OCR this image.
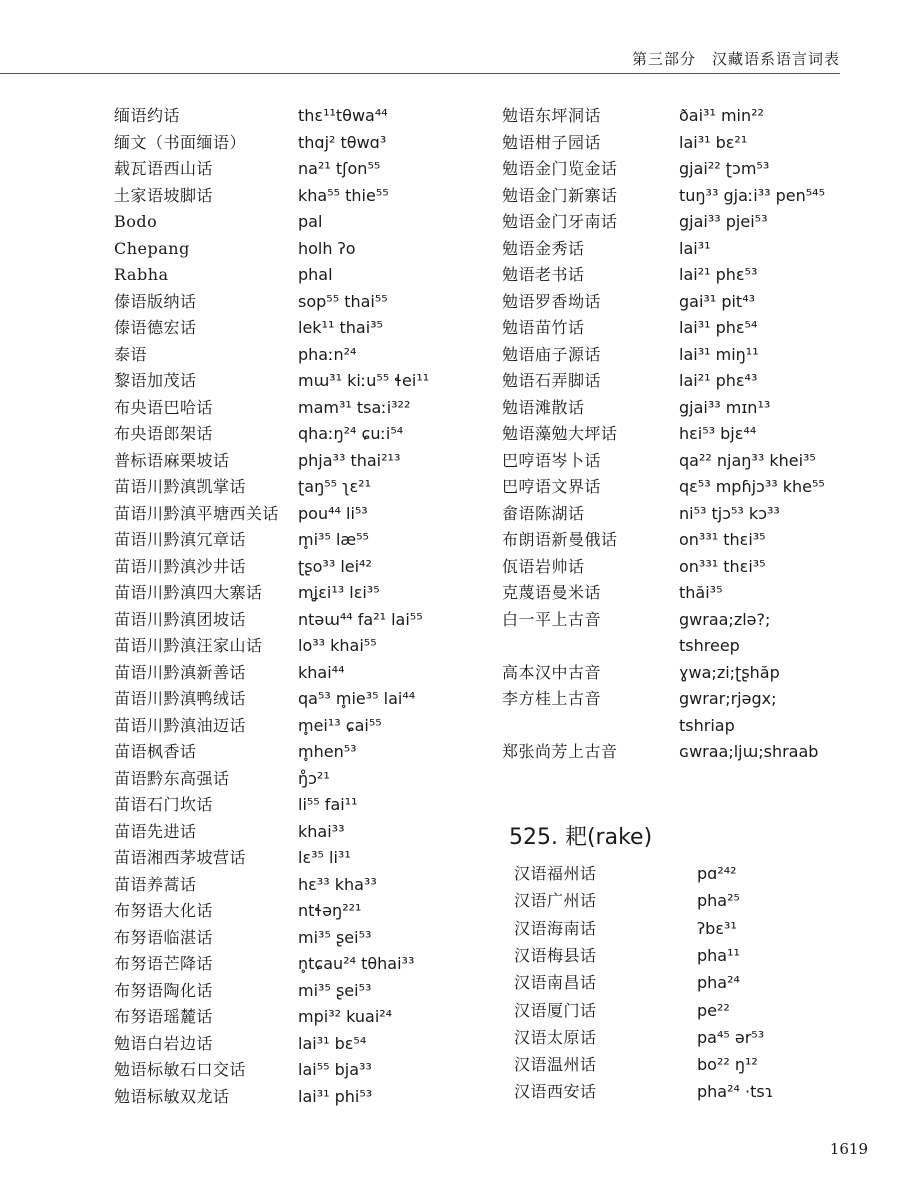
第三部分　汉藏语系语言词表
缅语约话	thɛ¹¹tθwa⁴⁴
缅文（书面缅语）	thɑj² tθwɑ³
载瓦语西山话	na²¹ tʃon⁵⁵
土家语坡脚话	kha⁵⁵ thie⁵⁵
Bodo	pal
Chepang	holh ʔo
Rabha	phal
傣语版纳话	sop⁵⁵ thai⁵⁵
傣语德宏话	lek¹¹ thai³⁵
泰语	phaːn²⁴
黎语加茂话	mɯ³¹ kiːu⁵⁵ ɬei¹¹
布央语巴哈话	mam³¹ tsaːi³²²
布央语郎架话	qhaːŋ²⁴ ɕuːi⁵⁴
普标语麻栗坡话	phja³³ thai²¹³
苗语川黔滇凯掌话	ʈaŋ⁵⁵ ʅɛ²¹
苗语川黔滇平塘西关话 pou⁴⁴ li⁵³
苗语川黔滇冗章话	m̥i³⁵ læ⁵⁵
苗语川黔滇沙井话	ʈʂo³³ lei⁴²
苗语川黔滇四大寨话 mʝɛi¹³ lɛi³⁵
苗语川黔滇团坡话	ntəɯ⁴⁴ fa²¹ lai⁵⁵
苗语川黔滇汪家山话 lo³³ khai⁵⁵
苗语川黔滇新善话	khai⁴⁴
苗语川黔滇鸭绒话	qa⁵³ m̥ie³⁵ lai⁴⁴
苗语川黔滇油迈话	m̥ei¹³ ɕai⁵⁵
苗语枫香话	m̥hen⁵³
苗语黔东高强话	ŋ̊ɔ²¹
苗语石门坎话	li⁵⁵ fai¹¹
苗语先进话	khai³³
苗语湘西茅坡营话	lɛ³⁵ li³¹
苗语养蒿话	hɛ³³ kha³³
布努语大化话	ntɬəŋ²²¹
布努语临湛话	mi³⁵ ʂei⁵³
布努语芒降话	n̥tɕau²⁴ tθhai³³
布努语陶化话	mi³⁵ ʂei⁵³
布努语瑶麓话	mpi³² kuai²⁴
勉语白岩边话	lai³¹ bɛ⁵⁴
勉语标敏石口交话	lai⁵⁵ bja³³
勉语标敏双龙话	lai³¹ phi⁵³
勉语东坪洞话	ðai³¹ min²²
勉语柑子园话	lai³¹ bɛ²¹
勉语金门览金话	gjai²² ʈɔm⁵³
勉语金门新寨话	tuŋ³³ gjaːi³³ pen⁵⁴⁵
勉语金门牙南话	gjai³³ pjei⁵³
勉语金秀话	lai³¹
勉语老书话	lai²¹ phɛ⁵³
勉语罗香坳话	gai³¹ pit⁴³
勉语苗竹话	lai³¹ phɛ⁵⁴
勉语庙子源话	lai³¹ miŋ¹¹
勉语石弄脚话	lai²¹ phɛ⁴³
勉语滩散话	gjai³³ mɪn¹³
勉语藻勉大坪话	hɛi⁵³ bjɛ⁴⁴
巴哼语岑卜话	qa²² njaŋ³³ khei³⁵
巴哼语文界话	qɛ⁵³ mpɦjɔ³³ khe⁵⁵
畲语陈湖话	ni⁵³ tjɔ⁵³ kɔ³³
布朗语新曼俄话	on³³¹ thɛi³⁵
佤语岩帅话	on³³¹ thɛi³⁵
克蔑语曼米话	thăi³⁵
白一平上古音	gwraa;zlə?;
tshreep
高本汉中古音	ɣwa;zi;ʈʂhăp
李方桂上古音	gwrar;rjəgx;
tshriap
郑张尚芳上古音	ɢwraa;ljɯ;shraab
525. 耙(rake)
汉语福州话	pɑ²⁴²
汉语广州话	pha²⁵
汉语海南话	ʔbɛ³¹
汉语梅县话	pha¹¹
汉语南昌话	pha²⁴
汉语厦门话	pe²²
汉语太原话	pa⁴⁵ ər⁵³
汉语温州话	bo²² ŋ¹²
汉语西安话	pha²⁴ ·tsɿ
1619
